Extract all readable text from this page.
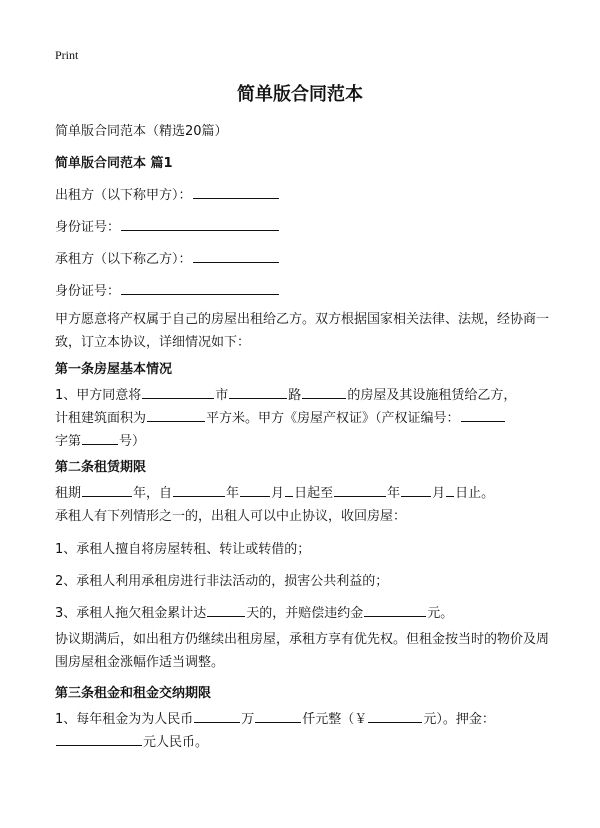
Print
简单版合同范本
简单版合同范本（精选20篇）
简单版合同范本 篇1
出租方（以下称甲方）：
身份证号：
承租方（以下称乙方）：
身份证号：
甲方愿意将产权属于自己的房屋出租给乙方。双方根据国家相关法律、法规，经协商一致，订立本协议，详细情况如下：
第一条房屋基本情况
1、甲方同意将	市	路	的房屋及其设施租赁给乙方，
计租建筑面积为	平方米。甲方《房屋产权证》（产权证编号：
字第	号）
第二条租赁期限
租期	年，自	年 月 日起至	年 月 日止。
承租人有下列情形之一的，出租人可以中止协议，收回房屋：
1、承租人擅自将房屋转租、转让或转借的；
2、承租人利用承租房进行非法活动的，损害公共利益的；
3、承租人拖欠租金累计达	天的，并赔偿违约金	元。
协议期满后，如出租方仍继续出租房屋，承租方享有优先权。但租金按当时的物价及周围房屋租金涨幅作适当调整。
第三条租金和租金交纳期限
1、每年租金为为人民币	万	仟元整（￥	元）。押金：
元人民币。
